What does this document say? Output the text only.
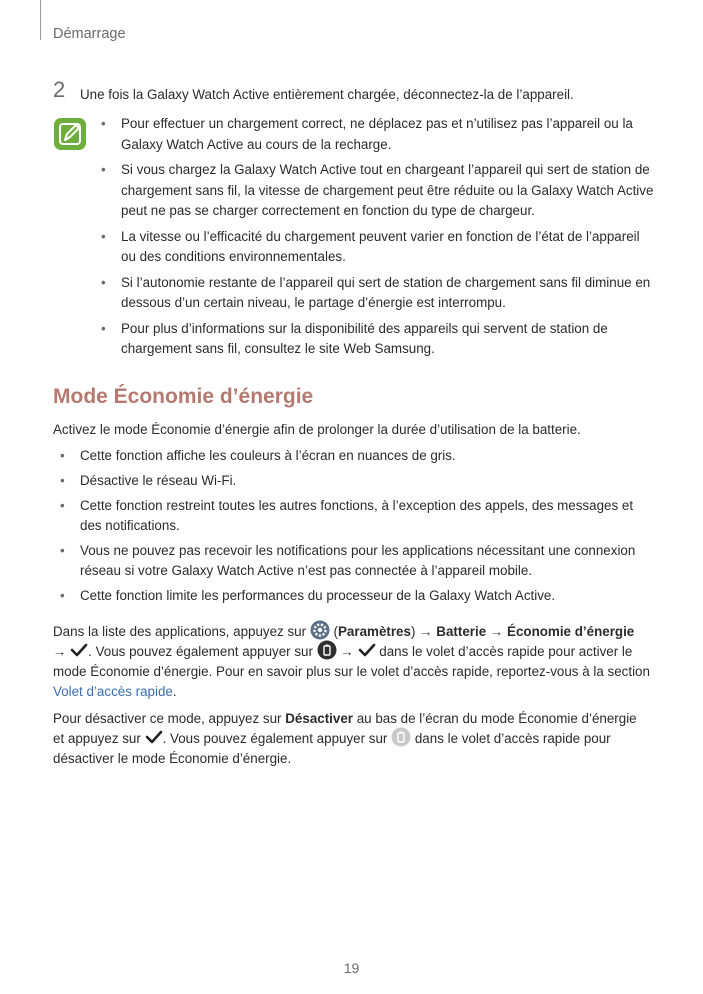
Démarrage
2 Une fois la Galaxy Watch Active entièrement chargée, déconnectez-la de l’appareil.
• Pour effectuer un chargement correct, ne déplacez pas et n’utilisez pas l’appareil ou la Galaxy Watch Active au cours de la recharge.
• Si vous chargez la Galaxy Watch Active tout en chargeant l’appareil qui sert de station de chargement sans fil, la vitesse de chargement peut être réduite ou la Galaxy Watch Active peut ne pas se charger correctement en fonction du type de chargeur.
• La vitesse ou l’efficacité du chargement peuvent varier en fonction de l’état de l’appareil ou des conditions environnementales.
• Si l’autonomie restante de l’appareil qui sert de station de chargement sans fil diminue en dessous d’un certain niveau, le partage d’énergie est interrompu.
• Pour plus d’informations sur la disponibilité des appareils qui servent de station de chargement sans fil, consultez le site Web Samsung.
Mode Économie d’énergie
Activez le mode Économie d’énergie afin de prolonger la durée d’utilisation de la batterie.
• Cette fonction affiche les couleurs à l’écran en nuances de gris.
• Désactive le réseau Wi-Fi.
• Cette fonction restreint toutes les autres fonctions, à l’exception des appels, des messages et des notifications.
• Vous ne pouvez pas recevoir les notifications pour les applications nécessitant une connexion réseau si votre Galaxy Watch Active n’est pas connectée à l’appareil mobile.
• Cette fonction limite les performances du processeur de la Galaxy Watch Active.
Dans la liste des applications, appuyez sur  (Paramètres) → Batterie → Économie d’énergie
→ . Vous pouvez également appuyer sur → dans le volet d’accès rapide pour activer le
mode Économie d’énergie. Pour en savoir plus sur le volet d’accès rapide, reportez-vous à la section
Volet d’accès rapide.
Pour désactiver ce mode, appuyez sur Désactiver au bas de l’écran du mode Économie d’énergie
et appuyez sur . Vous pouvez également appuyer sur dans le volet d’accès rapide pour
désactiver le mode Économie d’énergie.
19
